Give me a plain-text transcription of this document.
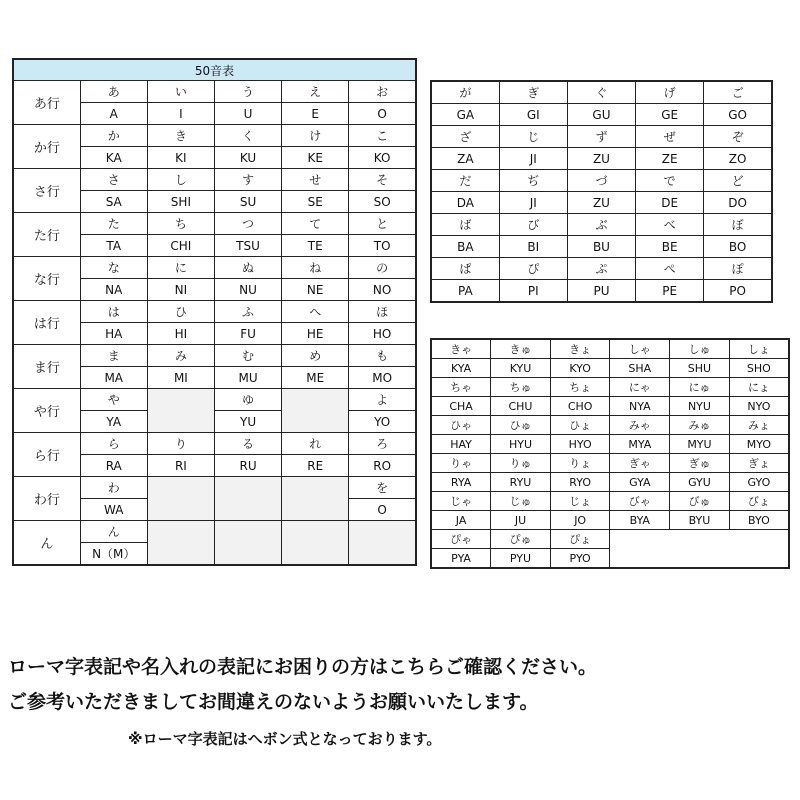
50音表					
あ行	あ	い	う	え	お
	A	I	U	E	O
か行	か	き	く	け	こ
	KA	KI	KU	KE	KO
さ行	さ	し	す	せ	そ
	SA	SHI	SU	SE	SO
た行	た	ち	つ	て	と
	TA	CHI	TSU	TE	TO
な行	な	に	ぬ	ね	の
	NA	NI	NU	NE	NO
は行	は	ひ	ふ	へ	ほ
	HA	HI	FU	HE	HO
ま行	ま	み	む	め	も
	MA	MI	MU	ME	MO
や行	や		ゆ		よ
	YA		YU		YO
ら行	ら	り	る	れ	ろ
	RA	RI	RU	RE	RO
わ行	わ				を
	WA				O
ん	ん				
	N（M）				
が	ぎ	ぐ	げ	ご
GA	GI	GU	GE	GO
ざ	じ	ず	ぜ	ぞ
ZA	JI	ZU	ZE	ZO
だ	ぢ	づ	で	ど
DA	JI	ZU	DE	DO
ば	び	ぶ	べ	ぼ
BA	BI	BU	BE	BO
ぱ	ぴ	ぷ	ぺ	ぽ
PA	PI	PU	PE	PO
きゃ	きゅ	きょ	しゃ	しゅ	しょ
KYA	KYU	KYO	SHA	SHU	SHO
ちゃ	ちゅ	ちょ	にゃ	にゅ	にょ
CHA	CHU	CHO	NYA	NYU	NYO
ひゃ	ひゅ	ひょ	みゃ	みゅ	みょ
HAY	HYU	HYO	MYA	MYU	MYO
りゃ	りゅ	りょ	ぎゃ	ぎゅ	ぎょ
RYA	RYU	RYO	GYA	GYU	GYO
じゃ	じゅ	じょ	びゃ	びゅ	びょ
JA	JU	JO	BYA	BYU	BYO
ぴゃ	ぴゅ	ぴょ			
PYA	PYU	PYO			
ローマ字表記や名入れの表記にお困りの方はこちらご確認ください。
ご参考いただきましてお間違えのないようお願いいたします。
※ローマ字表記はヘボン式となっております。
